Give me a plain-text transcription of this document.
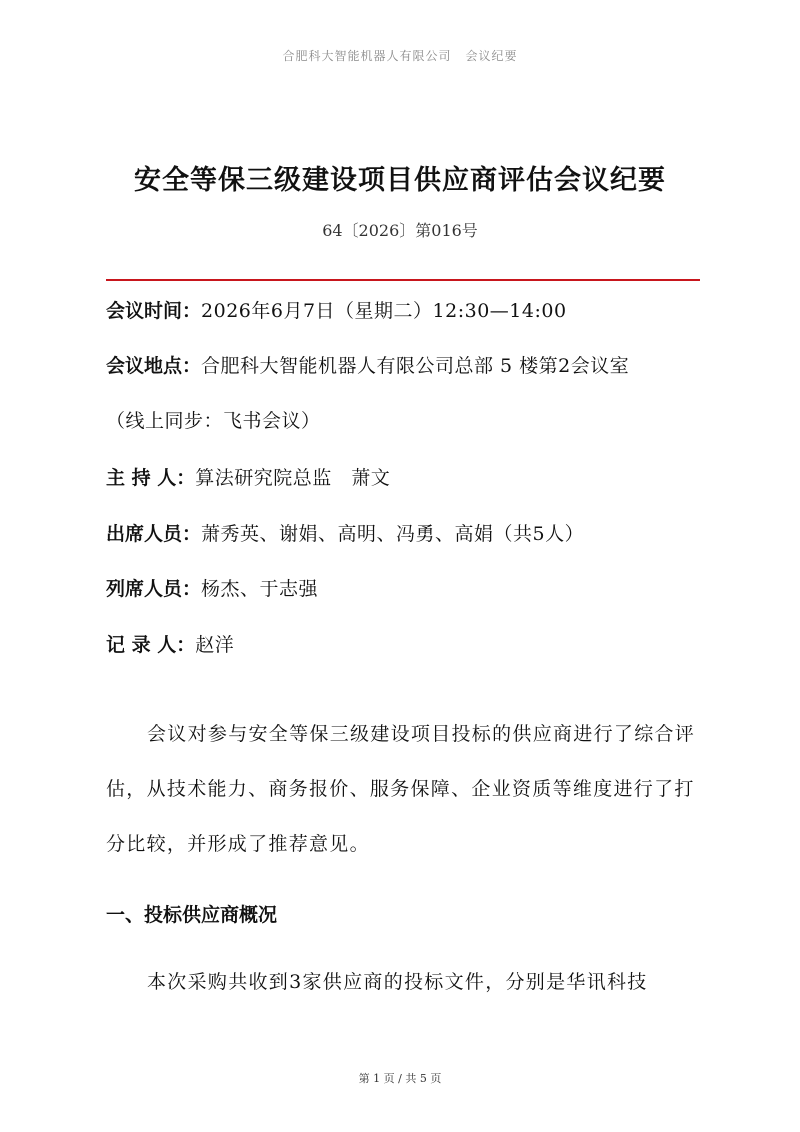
合肥科大智能机器人有限公司 会议纪要
安全等保三级建设项目供应商评估会议纪要
64〔2026〕第016号
会议时间：2026年6月7日（星期二）12:30—14:00
会议地点：合肥科大智能机器人有限公司总部 5 楼第2会议室
（线上同步：飞书会议）
主 持 人：算法研究院总监　萧文
出席人员：萧秀英、谢娟、高明、冯勇、高娟（共5人）
列席人员：杨杰、于志强
记 录 人：赵洋

会议对参与安全等保三级建设项目投标的供应商进行了综合评估，从技术能力、商务报价、服务保障、企业资质等维度进行了打分比较，并形成了推荐意见。

一、投标供应商概况

本次采购共收到3家供应商的投标文件，分别是华讯科技

第 1 页 / 共 5 页
